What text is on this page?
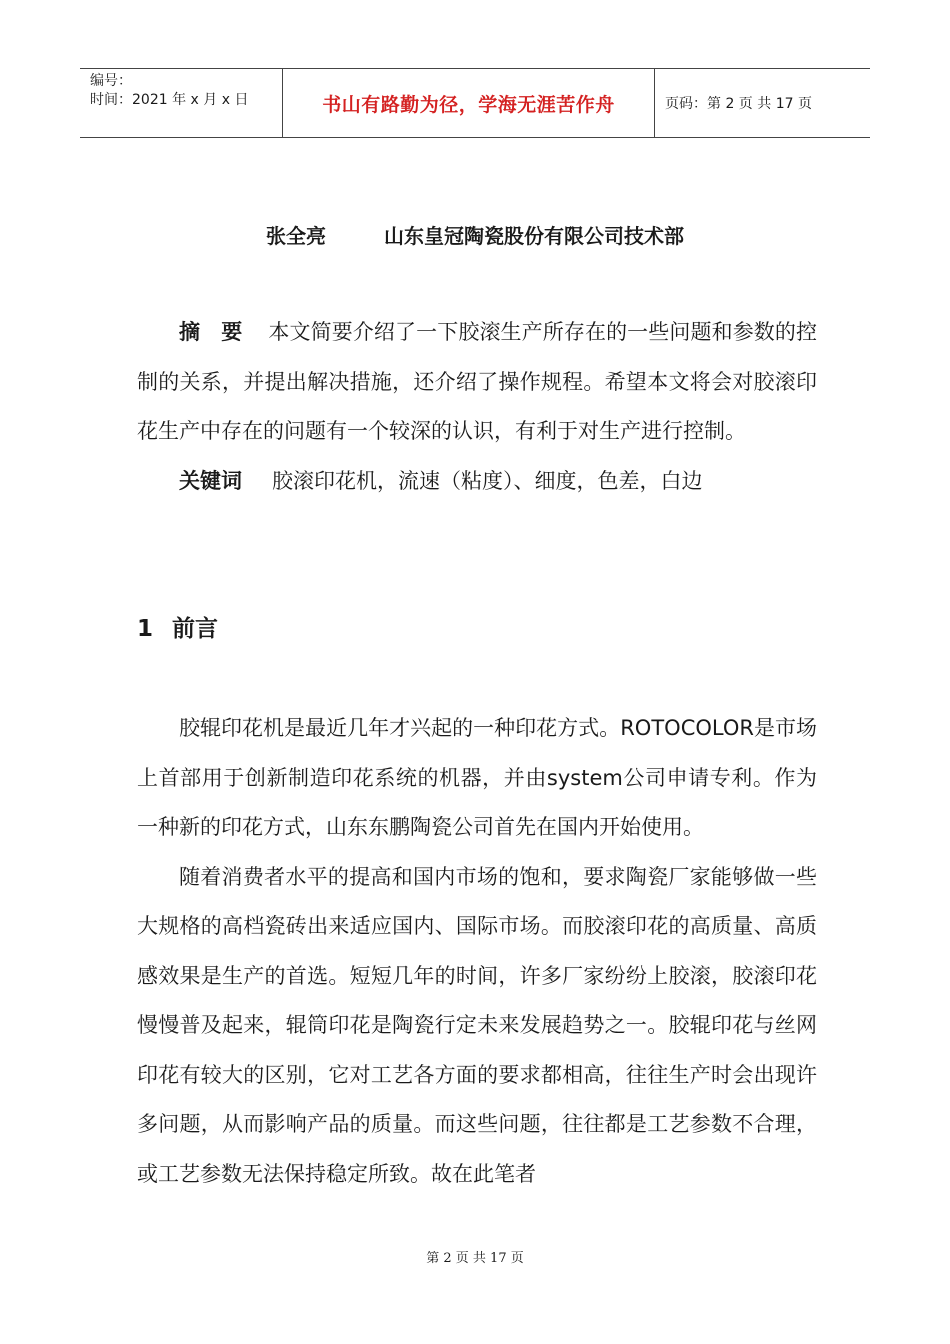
编号：
时间：2021 年 x 月 x 日	书山有路勤为径，学海无涯苦作舟	页码：第 2 页 共 17 页
张全亮	山东皇冠陶瓷股份有限公司技术部

摘　要 本文简要介绍了一下胶滚生产所存在的一些问题和参数的控制的关系，并提出解决措施，还介绍了操作规程。希望本文将会对胶滚印花生产中存在的问题有一个较深的认识，有利于对生产进行控制。

关键词 胶滚印花机，流速（粘度）、细度，色差，白边

1 前言

胶辊印花机是最近几年才兴起的一种印花方式。ROTOCOLOR是市场上首部用于创新制造印花系统的机器，并由system公司申请专利。作为一种新的印花方式，山东东鹏陶瓷公司首先在国内开始使用。

随着消费者水平的提高和国内市场的饱和，要求陶瓷厂家能够做一些大规格的高档瓷砖出来适应国内、国际市场。而胶滚印花的高质量、高质感效果是生产的首选。短短几年的时间，许多厂家纷纷上胶滚，胶滚印花慢慢普及起来，辊筒印花是陶瓷行定未来发展趋势之一。胶辊印花与丝网印花有较大的区别，它对工艺各方面的要求都相高，往往生产时会出现许多问题，从而影响产品的质量。而这些问题，往往都是工艺参数不合理，或工艺参数无法保持稳定所致。故在此笔者

第 2 页 共 17 页
